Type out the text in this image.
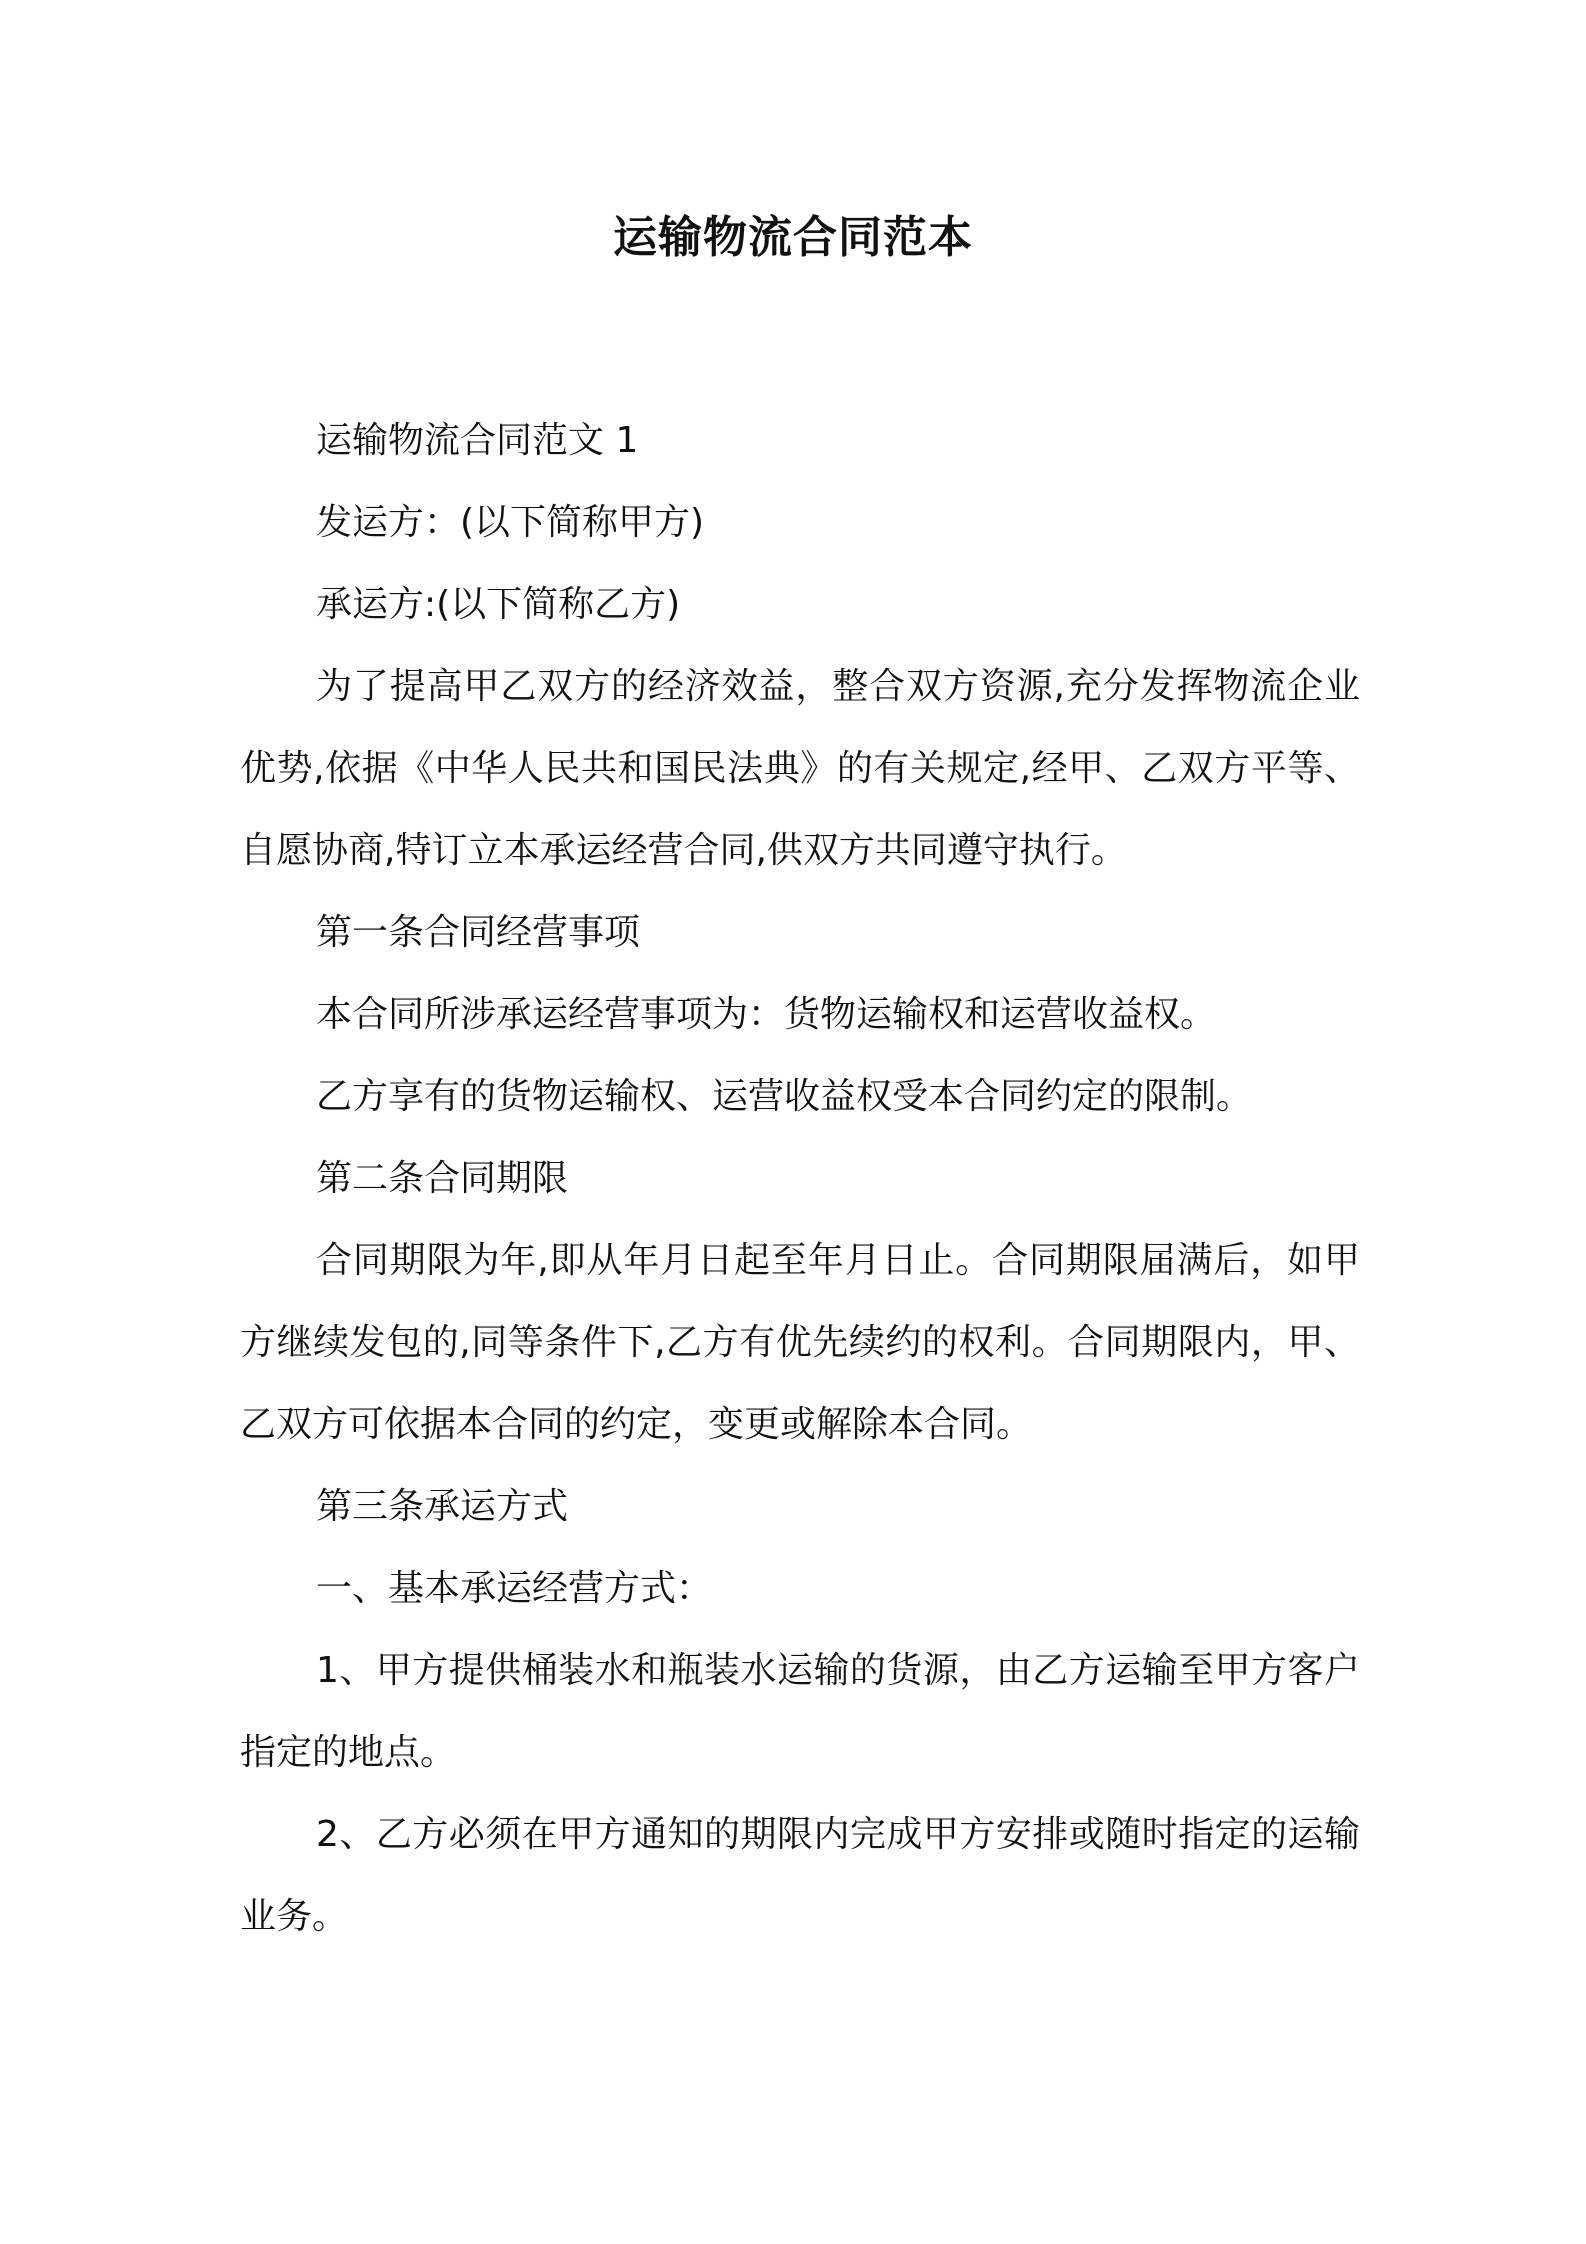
运输物流合同范本

运输物流合同范文 1

发运方：(以下简称甲方)

承运方:(以下简称乙方)

为了提高甲乙双方的经济效益，整合双方资源,充分发挥物流企业优势,依据《中华人民共和国民法典》的有关规定,经甲、乙双方平等、自愿协商,特订立本承运经营合同,供双方共同遵守执行。

第一条合同经营事项

本合同所涉承运经营事项为：货物运输权和运营收益权。

乙方享有的货物运输权、运营收益权受本合同约定的限制。

第二条合同期限

合同期限为年,即从年月日起至年月日止。合同期限届满后，如甲方继续发包的,同等条件下,乙方有优先续约的权利。合同期限内，甲、乙双方可依据本合同的约定，变更或解除本合同。

第三条承运方式

一、基本承运经营方式：

1、甲方提供桶装水和瓶装水运输的货源，由乙方运输至甲方客户指定的地点。

2、乙方必须在甲方通知的期限内完成甲方安排或随时指定的运输业务。
